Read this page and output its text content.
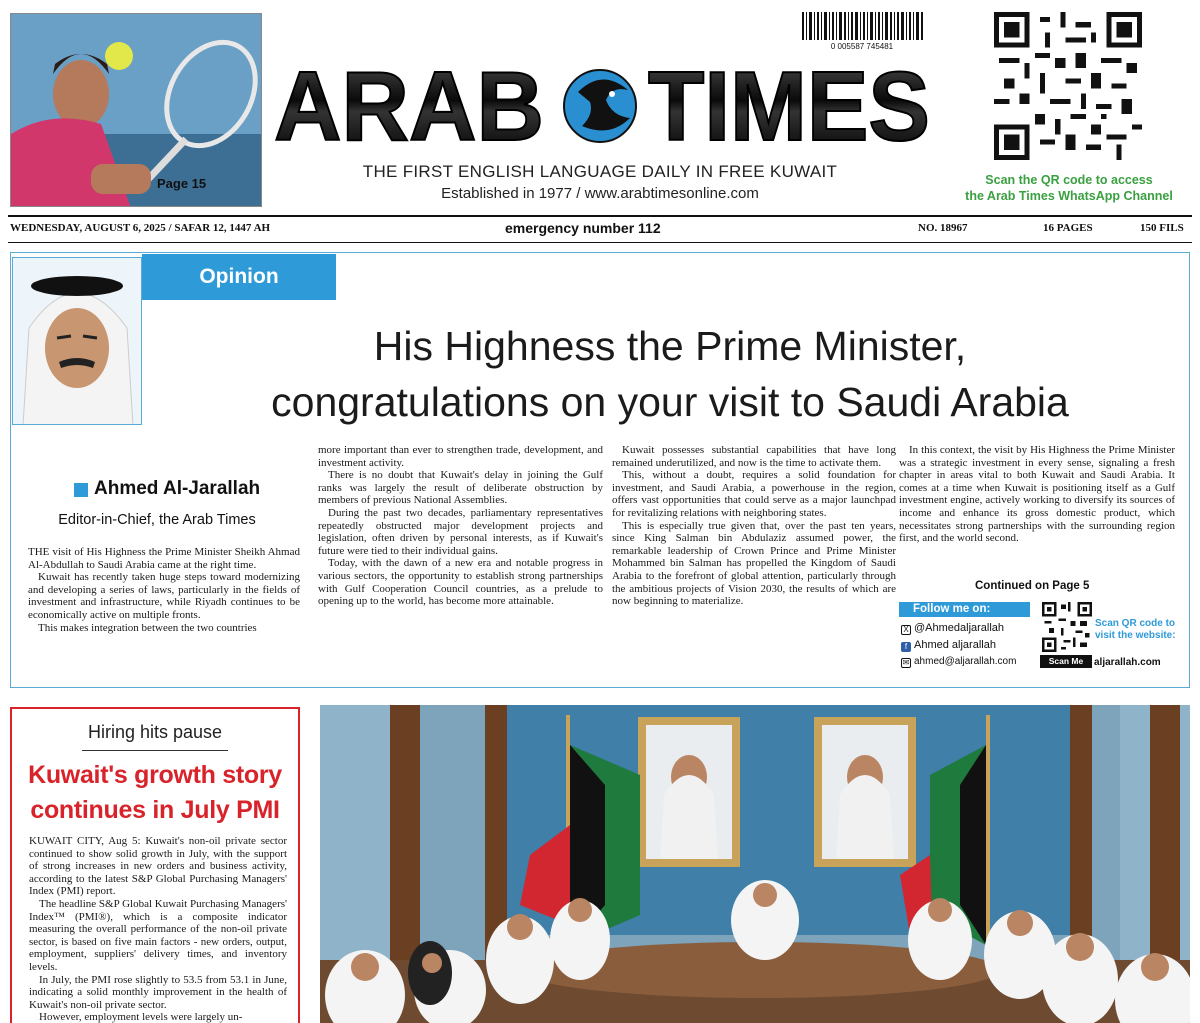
Page 15
0 005587 745481
ARAB TIMES
THE FIRST ENGLISH LANGUAGE DAILY IN FREE KUWAIT
Established in 1977 / www.arabtimesonline.com
Scan the QR code to access
the Arab Times WhatsApp Channel
WEDNESDAY, AUGUST 6, 2025 / SAFAR 12, 1447 AH	emergency number 112	NO. 18967	16 PAGES	150 FILS
Opinion
His Highness the Prime Minister,
congratulations on your visit to Saudi Arabia
Ahmed Al-Jarallah
Editor-in-Chief, the Arab Times

THE visit of His Highness the Prime Minister Sheikh Ahmad Al-Abdullah to Saudi Arabia came at the right time.

Kuwait has recently taken huge steps toward modernizing and developing a series of laws, particularly in the fields of investment and infrastructure, while Riyadh continues to be economically active on multiple fronts.

This makes integration between the two countries

more important than ever to strengthen trade, development, and investment activity.

There is no doubt that Kuwait's delay in joining the Gulf ranks was largely the result of deliberate obstruction by members of previous National Assemblies.

During the past two decades, parliamentary representatives repeatedly obstructed major development projects and legislation, often driven by personal interests, as if Kuwait's future were tied to their individual gains.

Today, with the dawn of a new era and notable progress in various sectors, the opportunity to establish strong partnerships with Gulf Cooperation Council countries, as a prelude to opening up to the world, has become more attainable.

Kuwait possesses substantial capabilities that have long remained underutilized, and now is the time to activate them.

This, without a doubt, requires a solid foundation for investment, and Saudi Arabia, a powerhouse in the region, offers vast opportunities that could serve as a major launchpad for revitalizing relations with neighboring states.

This is especially true given that, over the past ten years, since King Salman bin Abdulaziz assumed power, the remarkable leadership of Crown Prince and Prime Minister Mohammed bin Salman has propelled the Kingdom of Saudi Arabia to the forefront of global attention, particularly through the ambitious projects of Vision 2030, the results of which are now beginning to materialize.

In this context, the visit by His Highness the Prime Minister was a strategic investment in every sense, signaling a fresh chapter in areas vital to both Kuwait and Saudi Arabia. It comes at a time when Kuwait is positioning itself as a Gulf investment engine, actively working to diversify its sources of income and enhance its gross domestic product, which necessitates strong partnerships with the surrounding region first, and the world second.

Continued on Page 5
Follow me on:
X @Ahmedaljarallah
f Ahmed aljarallah
✉ ahmed@aljarallah.com	Scan Me
Scan QR code to visit the website:
aljarallah.com
Hiring hits pause
Kuwait's growth story
continues in July PMI

KUWAIT CITY, Aug 5: Kuwait's non-oil private sector continued to show solid growth in July, with the support of strong increases in new orders and business activity, according to the latest S&P Global Purchasing Managers' Index (PMI) report.

The headline S&P Global Kuwait Purchasing Managers' Index™ (PMI®), which is a composite indicator measuring the overall performance of the non-oil private sector, is based on five main factors - new orders, output, employment, suppliers' delivery times, and inventory levels.

In July, the PMI rose slightly to 53.5 from 53.1 in June, indicating a solid monthly improvement in the health of Kuwait's non-oil private sector.

However, employment levels were largely un-
